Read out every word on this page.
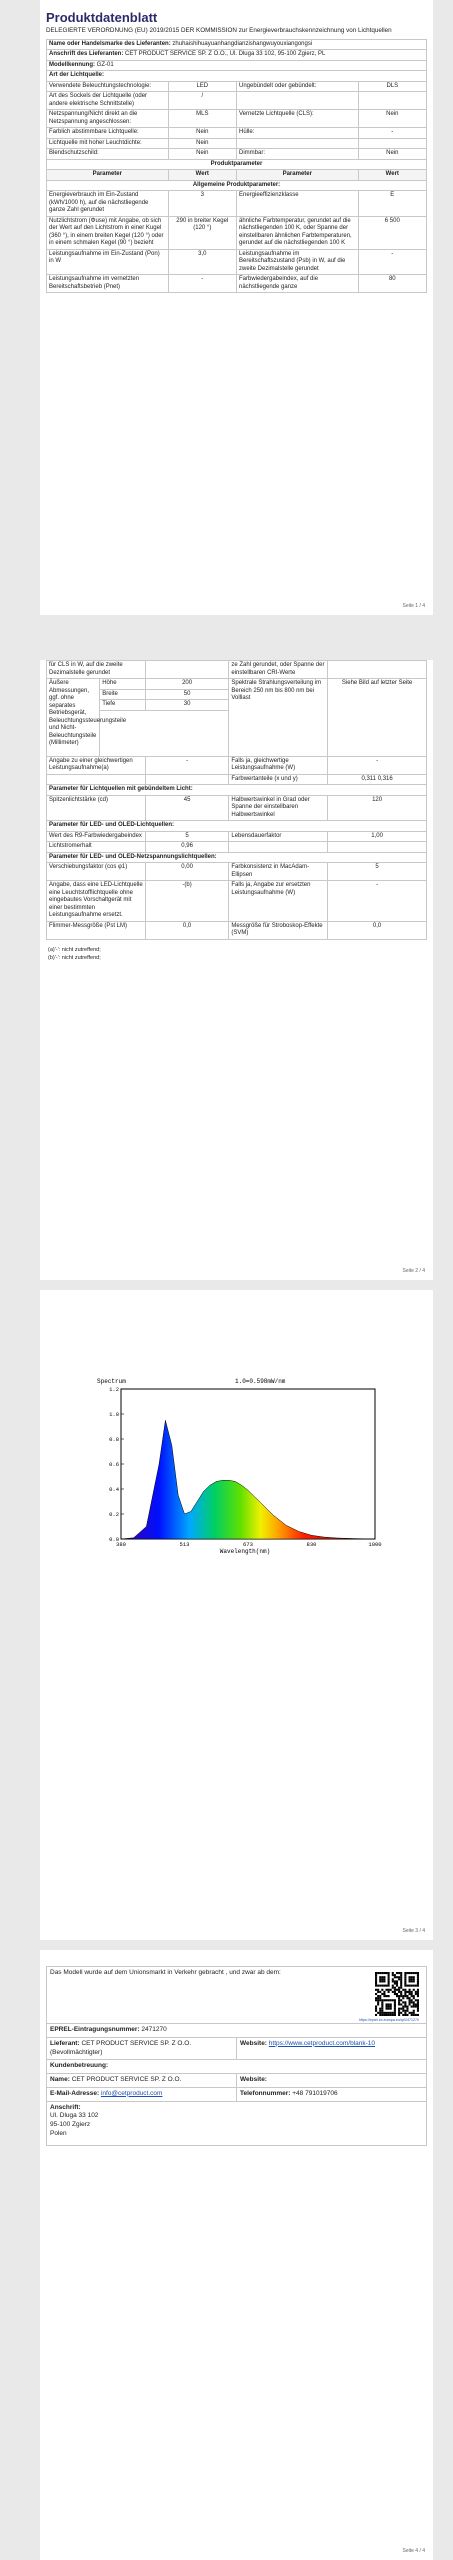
Produktdatenblatt
DELEGIERTE VERORDNUNG (EU) 2019/2015 DER KOMMISSION zur Energieverbrauchskennzeichnung von Lichtquellen
Name oder Handelsmarke des Lieferanten: zhuhaishihuayuanhangdianzishangwuyouxiangongsi			
Anschrift des Lieferanten: CET PRODUCT SERVICE SP. Z O.O., Ul. Dluga 33 102, 95-100 Zgierz, PL			
Modellkennung: GZ-01			
Art der Lichtquelle:			
Verwendete Beleuchtungstechnologie:	LED	Ungebündelt oder gebündelt:	DLS
Art des Sockels der Lichtquelle (oder andere elektrische Schnittstelle)	/		
Netzspannung/Nicht direkt an die Netzspannung angeschlossen:	MLS	Vernetzte Lichtquelle (CLS):	Nein
Farblich abstimmbare Lichtquelle:	Nein	Hülle:	-
Lichtquelle mit hoher Leuchtdichte:	Nein		
Blendschutzschild:	Nein	Dimmbar:	Nein
Produktparameter			
Parameter	Wert	Parameter	Wert
Allgemeine Produktparameter:			
Energieverbrauch im Ein-Zustand (kWh/1000 h), auf die nächstliegende ganze Zahl gerundet	3	Energieeffizienzklasse	E
Nutzlichtstrom (Φuse) mit Angabe, ob sich der Wert auf den Lichtstrom in einer Kugel (360 °), in einem breiten Kegel (120 °) oder in einem schmalen Kegel (90 °) bezieht	290 in breiter Kegel (120 °)	ähnliche Farbtemperatur, gerundet auf die nächstliegenden 100 K, oder Spanne der einstellbaren ähnlichen Farbtemperaturen, gerundet auf die nächstliegenden 100 K	6 500
Leistungsaufnahme im Ein-Zustand (Pon) in W	3,0	Leistungsaufnahme im Bereitschaftszustand (Psb) in W, auf die zweite Dezimalstelle gerundet	-
Leistungsaufnahme im vernetzten Bereitschaftsbetrieb (Pnet)	-	Farbwiedergabeindex, auf die nächstliegende ganze	80
Seite 1 / 4
für CLS in W, auf die zweite Dezimalstelle gerundet			ze Zahl gerundet, oder Spanne der einstellbaren CRI-Werte	
Äußere Abmessungen, ggf. ohne separates Betriebsgerät, Beleuchtungssteuerungsteile und Nicht-Beleuchtungsteile (Millimeter)	Höhe	200	Spektrale Strahlungsverteilung im Bereich 250 nm bis 800 nm bei Volllast	Siehe Bild auf letzter Seite
	Breite	50		
	Tiefe	30		

Angabe zu einer gleichwertigen Leistungsaufnahme(a)		-	Falls ja, gleichwertige Leistungsaufnahme (W)	-
			Farbwertanteile (x und y)	0,311 0,316
Parameter für Lichtquellen mit gebündeltem Licht:				
Spitzenlichtstärke (cd)		45	Halbwertswinkel in Grad oder Spanne der einstellbaren Halbwertswinkel	120
Parameter für LED- und OLED-Lichtquellen:				
Wert des R9-Farbwiedergabeindex		5	Lebensdauerfaktor	1,00
Lichtstromerhalt		0,96		
Parameter für LED- und OLED-Netzspannungslichtquellen:				
Verschiebungsfaktor (cos φ1)		0,00	Farbkonsistenz in MacAdam-Ellipsen	5
Angabe, dass eine LED-Lichtquelle eine Leuchtstofflichtquelle ohne eingebautes Vorschaltgerät mit einer bestimmten Leistungsaufnahme ersetzt.		-(b)	Falls ja, Angabe zur ersetzten Leistungsaufnahme (W)	-
Flimmer-Messgröße (Pst LM)		0,0	Messgröße für Stroboskop-Effekte (SVM)	0,0
(a)'-': nicht zutreffend;
(b)'-': nicht zutreffend;
Seite 2 / 4
Spectrum	1.0=0.598mW/nm
0.0
0.2
0.4
0.6
0.8
1.0
1.2
380	513	673	830	1000
Wavelength(nm)
Seite 3 / 4
Das Modell wurde auf dem Unionsmarkt in Verkehr gebracht , und zwar ab dem:
EPREL-Eintragungsnummer: 2471270
Lieferant: CET PRODUCT SERVICE SP. Z O.O. (Bevollmächtigter)
Website: https://www.cetproduct.com/blank-10
Kundenbetreuung:
Name: CET PRODUCT SERVICE SP. Z O.O.	Website:
E-Mail-Adresse: info@cetproduct.com	Telefonnummer: +48 791019706
Anschrift:
Ul. Dluga 33 102
95-100 Zgierz
Polen
https://eprel.ec.europa.eu/qr/2471270
Seite 4 / 4
